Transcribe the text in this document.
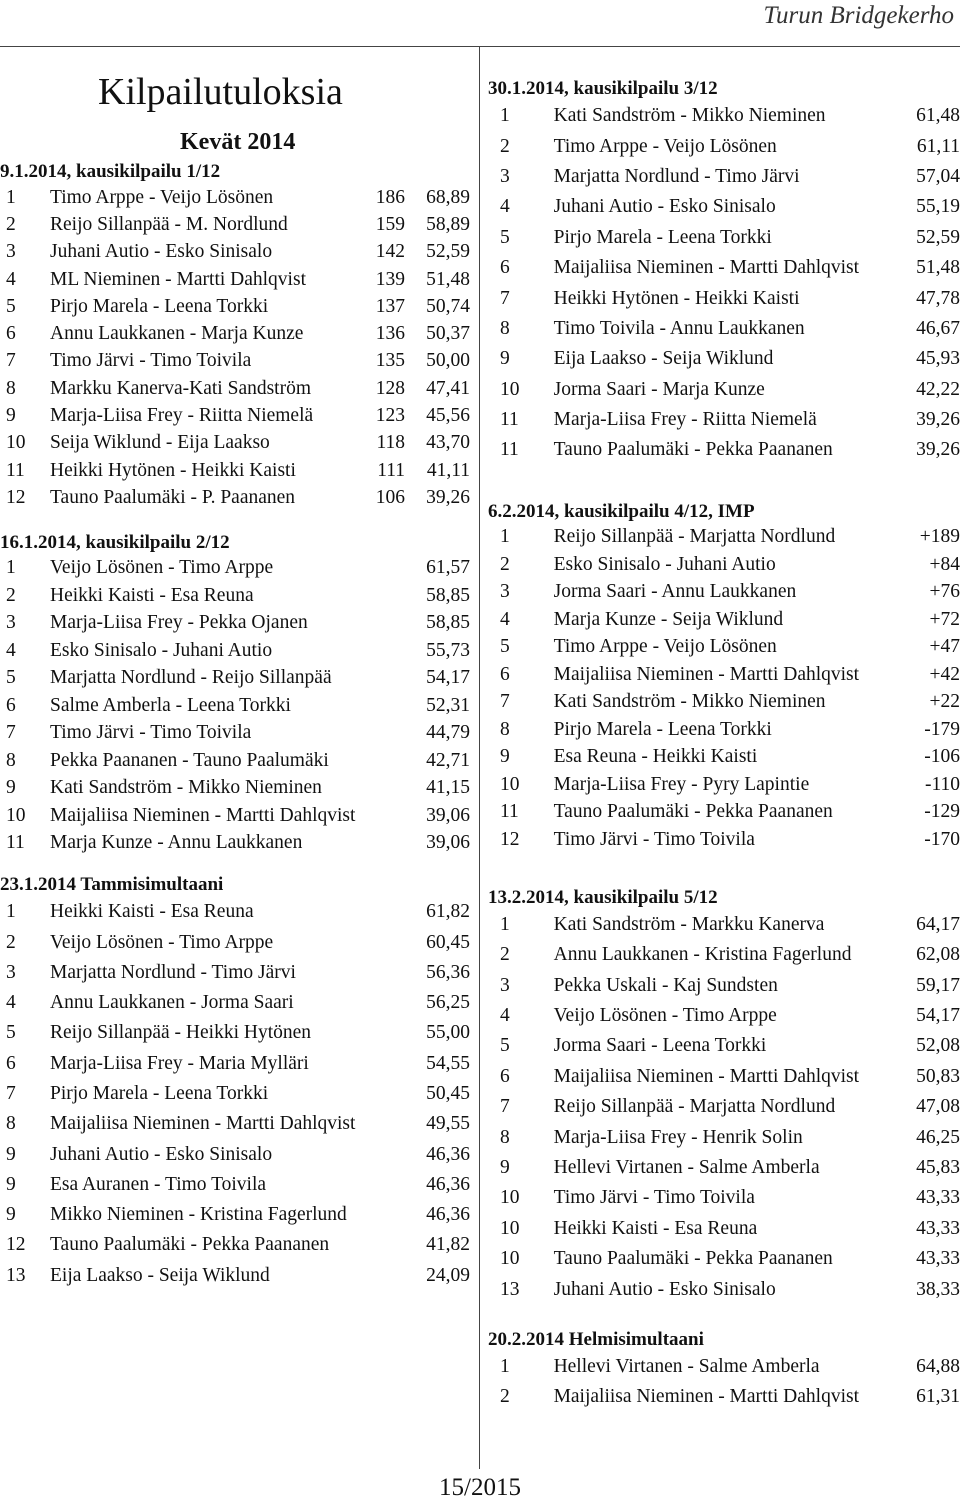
Turun Bridgekerho
Kilpailutuloksia
Kevät 2014
9.1.2014, kausikilpailu 1/12
1	Timo Arppe - Veijo Lösönen	186	68,89
2	Reijo Sillanpää - M. Nordlund	159	58,89
3	Juhani Autio - Esko Sinisalo	142	52,59
4	ML Nieminen - Martti Dahlqvist	139	51,48
5	Pirjo Marela - Leena Torkki	137	50,74
6	Annu Laukkanen - Marja Kunze	136	50,37
7	Timo Järvi - Timo Toivila	135	50,00
8	Markku Kanerva-Kati Sandström	128	47,41
9	Marja-Liisa Frey - Riitta Niemelä	123	45,56
10	Seija Wiklund - Eija Laakso	118	43,70
11	Heikki Hytönen - Heikki Kaisti	111	41,11
12	Tauno Paalumäki - P. Paananen	106	39,26
16.1.2014, kausikilpailu 2/12
1	Veijo Lösönen - Timo Arppe	61,57
2	Heikki Kaisti - Esa Reuna	58,85
3	Marja-Liisa Frey - Pekka Ojanen	58,85
4	Esko Sinisalo - Juhani Autio	55,73
5	Marjatta Nordlund - Reijo Sillanpää	54,17
6	Salme Amberla - Leena Torkki	52,31
7	Timo Järvi - Timo Toivila	44,79
8	Pekka Paananen - Tauno Paalumäki	42,71
9	Kati Sandström - Mikko Nieminen	41,15
10	Maijaliisa Nieminen - Martti Dahlqvist	39,06
11	Marja Kunze - Annu Laukkanen	39,06
23.1.2014 Tammisimultaani
1	Heikki Kaisti - Esa Reuna	61,82
2	Veijo Lösönen - Timo Arppe	60,45
3	Marjatta Nordlund - Timo Järvi	56,36
4	Annu Laukkanen - Jorma Saari	56,25
5	Reijo Sillanpää - Heikki Hytönen	55,00
6	Marja-Liisa Frey - Maria Mylläri	54,55
7	Pirjo Marela - Leena Torkki	50,45
8	Maijaliisa Nieminen - Martti Dahlqvist	49,55
9	Juhani Autio - Esko Sinisalo	46,36
9	Esa Auranen - Timo Toivila	46,36
9	Mikko Nieminen - Kristina Fagerlund	46,36
12	Tauno Paalumäki - Pekka Paananen	41,82
13	Eija Laakso - Seija Wiklund	24,09
30.1.2014, kausikilpailu 3/12
1	Kati Sandström - Mikko Nieminen	61,48
2	Timo Arppe - Veijo Lösönen	61,11
3	Marjatta Nordlund - Timo Järvi	57,04
4	Juhani Autio - Esko Sinisalo	55,19
5	Pirjo Marela - Leena Torkki	52,59
6	Maijaliisa Nieminen - Martti Dahlqvist	51,48
7	Heikki Hytönen - Heikki Kaisti	47,78
8	Timo Toivila - Annu Laukkanen	46,67
9	Eija Laakso - Seija Wiklund	45,93
10	Jorma Saari - Marja Kunze	42,22
11	Marja-Liisa Frey - Riitta Niemelä	39,26
11	Tauno Paalumäki - Pekka Paananen	39,26
6.2.2014, kausikilpailu 4/12, IMP
1	Reijo Sillanpää - Marjatta Nordlund	+189
2	Esko Sinisalo - Juhani Autio	+84
3	Jorma Saari - Annu Laukkanen	+76
4	Marja Kunze - Seija Wiklund	+72
5	Timo Arppe - Veijo Lösönen	+47
6	Maijaliisa Nieminen - Martti Dahlqvist	+42
7	Kati Sandström - Mikko Nieminen	+22
8	Pirjo Marela - Leena Torkki	-179
9	Esa Reuna - Heikki Kaisti	-106
10	Marja-Liisa Frey - Pyry Lapintie	-110
11	Tauno Paalumäki - Pekka Paananen	-129
12	Timo Järvi - Timo Toivila	-170
13.2.2014, kausikilpailu 5/12
1	Kati Sandström - Markku Kanerva	64,17
2	Annu Laukkanen - Kristina Fagerlund	62,08
3	Pekka Uskali - Kaj Sundsten	59,17
4	Veijo Lösönen - Timo Arppe	54,17
5	Jorma Saari - Leena Torkki	52,08
6	Maijaliisa Nieminen - Martti Dahlqvist	50,83
7	Reijo Sillanpää - Marjatta Nordlund	47,08
8	Marja-Liisa Frey - Henrik Solin	46,25
9	Hellevi Virtanen - Salme Amberla	45,83
10	Timo Järvi - Timo Toivila	43,33
10	Heikki Kaisti - Esa Reuna	43,33
10	Tauno Paalumäki - Pekka Paananen	43,33
13	Juhani Autio - Esko Sinisalo	38,33
20.2.2014 Helmisimultaani
1	Hellevi Virtanen - Salme Amberla	64,88
2	Maijaliisa Nieminen - Martti Dahlqvist	61,31
15/2015
